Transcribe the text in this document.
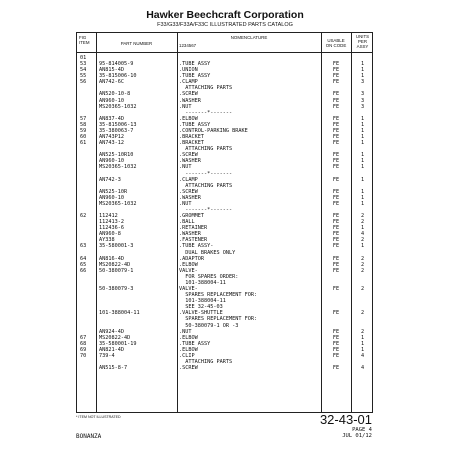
Hawker Beechcraft Corporation
F33/G33/F33A/F33C ILLUSTRATED PARTS CATALOG
FIG
ITEM	PART NUMBER
NOMENCLATURE
1234567
USABLE
ON CODE
UNITS
PER
ASSY
01
53 95-814005-9	.TUBE ASSY	FE	1
54 AN815-4D	.UNION	FE	1
55 35-815006-10	.TUBE ASSY	FE	1
56 AN742-6C	.CLAMP	FE	3
ATTACHING PARTS
AN520-10-8	.SCREW	FE	3
AN960-10	.WASHER	FE	3
MS20365-1032	.NUT	FE	3
-------*-------
57 AN837-4D	.ELBOW	FE	1
58 35-815006-13	.TUBE ASSY	FE	1
59 35-380063-7	.CONTROL-PARKING BRAKE	FE	1
60 AN743P12	.BRACKET	FE	1
61 AN743-12	.BRACKET	FE	1
ATTACHING PARTS
AN525-10R10	.SCREW	FE	1
AN960-10	.WASHER	FE	1
MS20365-1032	.NUT	FE	1
-------*-------
AN742-3	.CLAMP	FE	1
ATTACHING PARTS
AN525-10R	.SCREW	FE	1
AN960-10	.WASHER	FE	1
MS20365-1032	.NUT	FE	1
-------*-------
62 112412	.GROMMET	FE	2
112413-2	.BALL	FE	2
112436-6	.RETAINER	FE	1
AN960-8	.WASHER	FE	4
AY338	.FASTENER	FE	2
63 35-580001-3	.TUBE ASSY-	FE	1
DUAL BRAKES ONLY
64 AN816-4D	.ADAPTOR	FE	2
65 MS20822-4D	.ELBOW	FE	2
66 50-380079-1	VALVE-	FE	2
FOR SPARES ORDER:
101-388004-11
50-380079-3	VALVE-	FE	2
SPARES REPLACEMENT FOR:
101-388004-11
SEE 32-45-03
101-388004-11	.VALVE-SHUTTLE	FE	2
SPARES REPLACEMENT FOR:
50-380079-1 OR -3
AN924-4D	.NUT	FE	2
67 MS20822-4D	.ELBOW	FE	1
68 35-580001-19	.TUBE ASSY	FE	1
69 AN821-4D	.ELBOW	FE	1
70 739-4	.CLIP	FE	4
ATTACHING PARTS
AN515-8-7	.SCREW	FE	4
* ITEM NOT ILLUSTRATED
BONANZA
32-43-01
PAGE 4
JUL 01/12
